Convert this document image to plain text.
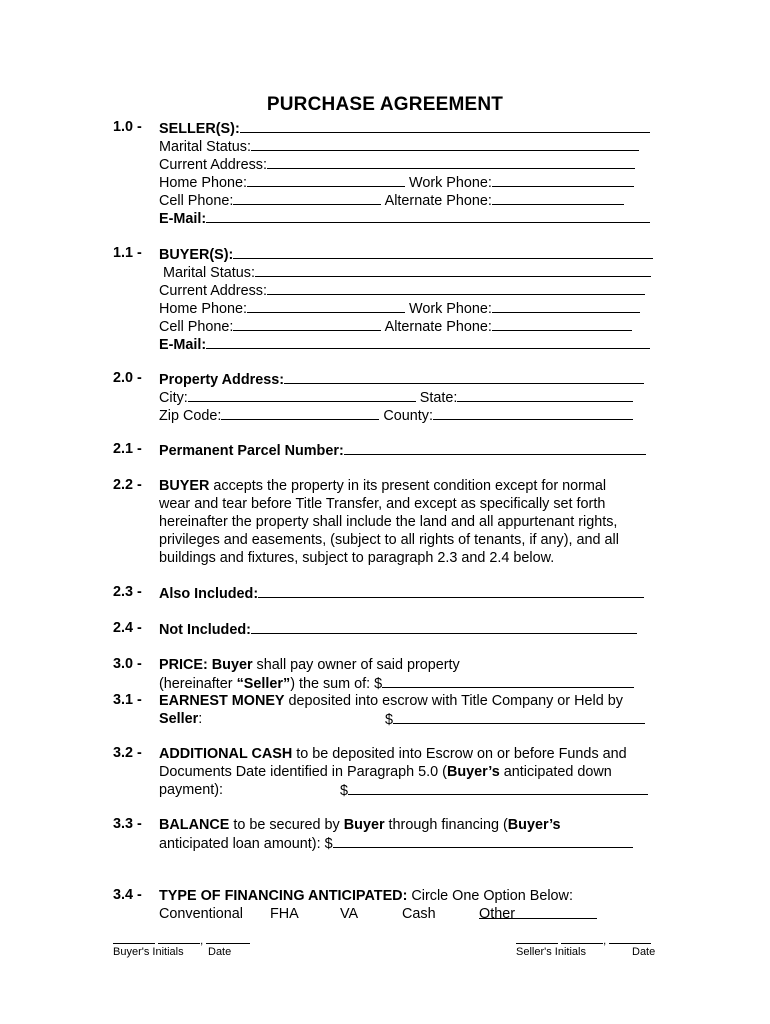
PURCHASE AGREEMENT
1.0 - SELLER(S):
Marital Status:
Current Address:
Home Phone:	Work Phone:
Cell Phone:	Alternate Phone:
E-Mail:
1.1 - BUYER(S):
Marital Status:
Current Address:
Home Phone:	Work Phone:
Cell Phone:	Alternate Phone:
E-Mail:
2.0 - Property Address:
City:	State:
Zip Code:	County:
2.1 - Permanent Parcel Number:
2.2 - BUYER accepts the property in its present condition except for normal
wear and tear before Title Transfer, and except as specifically set forth
hereinafter the property shall include the land and all appurtenant rights,
privileges and easements, (subject to all rights of tenants, if any), and all
buildings and fixtures, subject to paragraph 2.3 and 2.4 below.
2.3 - Also Included:
2.4 - Not Included:
3.0 - PRICE: Buyer shall pay owner of said property
(hereinafter “Seller”) the sum of: $
3.1 - EARNEST MONEY deposited into escrow with Title Company or Held by
Seller:	$
3.2 - ADDITIONAL CASH to be deposited into Escrow on or before Funds and
Documents Date identified in Paragraph 5.0 (Buyer’s anticipated down
payment):	$
3.3 - BALANCE to be secured by Buyer through financing (Buyer’s
anticipated loan amount): $
3.4 - TYPE OF FINANCING ANTICIPATED: Circle One Option Below:
Conventional FHA	VA	Cash	Other
,
Buyer's Initials Date
,
Seller's Initials	Date
